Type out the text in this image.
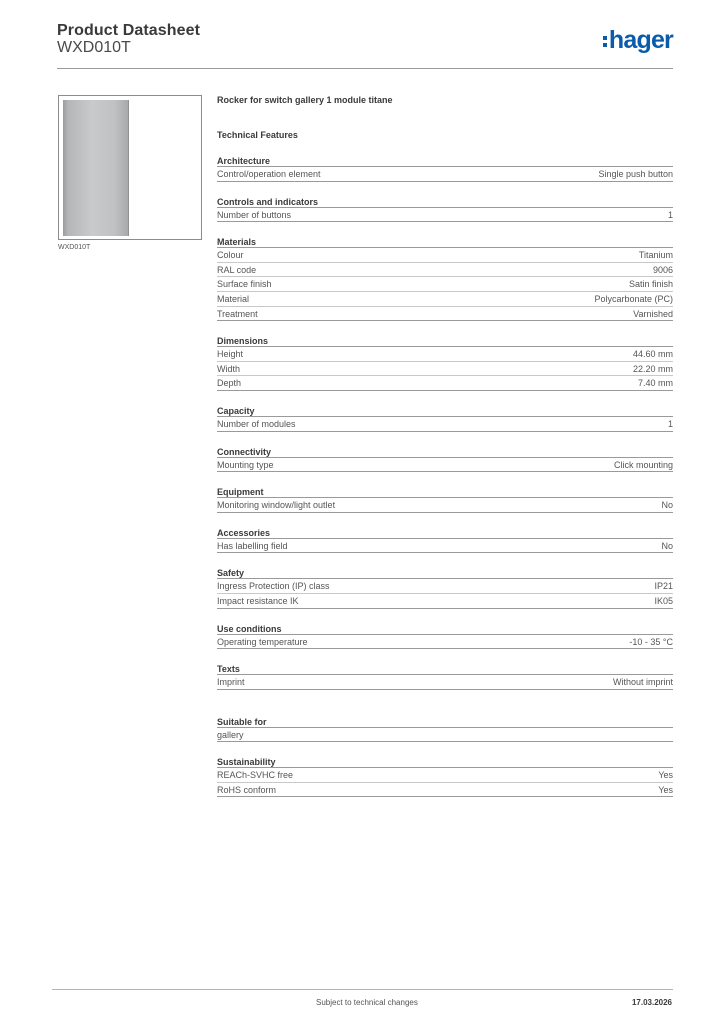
Product Datasheet
WXD010T	hager
WXD010T
Rocker for switch gallery 1 module titane
Technical Features
Architecture
Control/operation element	Single push button
Controls and indicators
Number of buttons	1
Materials
Colour	Titanium
RAL code	9006
Surface finish	Satin finish
Material	Polycarbonate (PC)
Treatment	Varnished
Dimensions
Height	44.60 mm
Width	22.20 mm
Depth	7.40 mm
Capacity
Number of modules	1
Connectivity
Mounting type	Click mounting
Equipment
Monitoring window/light outlet	No
Accessories
Has labelling field	No
Safety
Ingress Protection (IP) class	IP21
Impact resistance IK	IK05
Use conditions
Operating temperature	-10 - 35 °C
Texts
Imprint	Without imprint
Suitable for
gallery
Sustainability
REACh-SVHC free	Yes
RoHS conform	Yes
Subject to technical changes	17.03.2026
